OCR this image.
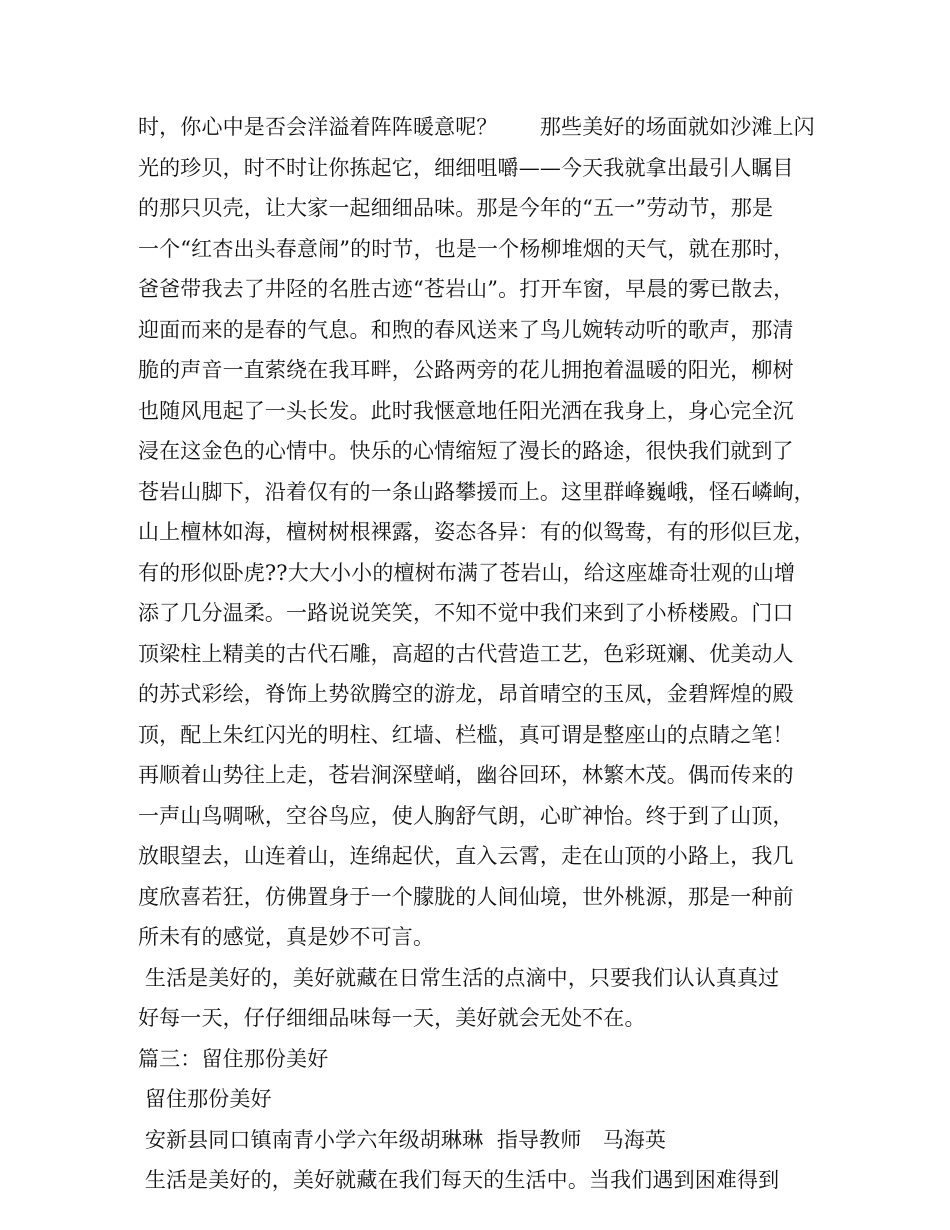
时，你心中是否会洋溢着阵阵暖意呢？　　那些美好的场面就如沙滩上闪
光的珍贝，时不时让你拣起它，细细咀嚼——今天我就拿出最引人瞩目
的那只贝壳，让大家一起细细品味。那是今年的“五一”劳动节，那是
一个“红杏出头春意闹”的时节，也是一个杨柳堆烟的天气，就在那时，
爸爸带我去了井陉的名胜古迹“苍岩山”。打开车窗，早晨的雾已散去，
迎面而来的是春的气息。和煦的春风送来了鸟儿婉转动听的歌声，那清
脆的声音一直萦绕在我耳畔，公路两旁的花儿拥抱着温暖的阳光，柳树
也随风甩起了一头长发。此时我惬意地任阳光洒在我身上，身心完全沉
浸在这金色的心情中。快乐的心情缩短了漫长的路途，很快我们就到了
苍岩山脚下，沿着仅有的一条山路攀援而上。这里群峰巍峨，怪石嶙峋，
山上檀林如海，檀树树根裸露，姿态各异：有的似鸳鸯，有的形似巨龙，
有的形似卧虎??大大小小的檀树布满了苍岩山，给这座雄奇壮观的山增
添了几分温柔。一路说说笑笑，不知不觉中我们来到了小桥楼殿。门口
顶梁柱上精美的古代石雕，高超的古代营造工艺，色彩斑斓、优美动人
的苏式彩绘，脊饰上势欲腾空的游龙，昂首晴空的玉凤，金碧辉煌的殿
顶，配上朱红闪光的明柱、红墙、栏槛，真可谓是整座山的点睛之笔！
再顺着山势往上走，苍岩涧深壁峭，幽谷回环，林繁木茂。偶而传来的
一声山鸟啁啾，空谷鸟应，使人胸舒气朗，心旷神怡。终于到了山顶，
放眼望去，山连着山，连绵起伏，直入云霄，走在山顶的小路上，我几
度欣喜若狂，仿佛置身于一个朦胧的人间仙境，世外桃源，那是一种前
所未有的感觉，真是妙不可言。
生活是美好的，美好就藏在日常生活的点滴中，只要我们认认真真过
好每一天，仔仔细细品味每一天，美好就会无处不在。
篇三：留住那份美好
留住那份美好
安新县同口镇南青小学六年级胡琳琳  指导教师　马海英
生活是美好的，美好就藏在我们每天的生活中。当我们遇到困难得到
